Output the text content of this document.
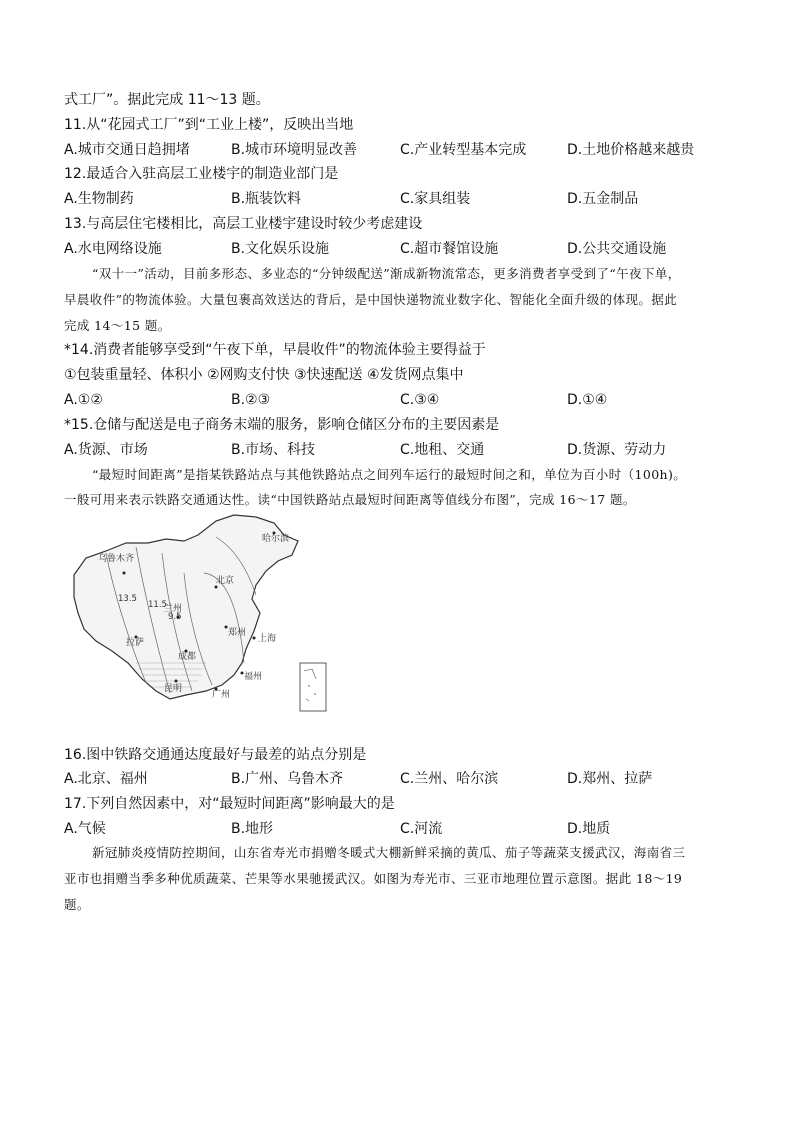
式工厂”。据此完成 11～13 题。
11.从“花园式工厂”到“工业上楼”，反映出当地
A.城市交通日趋拥堵	B.城市环境明显改善	C.产业转型基本完成	D.土地价格越来越贵
12.最适合入驻高层工业楼宇的制造业部门是
A.生物制药	B.瓶装饮料	C.家具组装	D.五金制品
13.与高层住宅楼相比，高层工业楼宇建设时较少考虑建设
A.水电网络设施	B.文化娱乐设施	C.超市餐馆设施	D.公共交通设施
“双十一”活动，目前多形态、多业态的“分钟级配送”渐成新物流常态，更多消费者享受到了“午夜下单，
早晨收件”的物流体验。大量包裹高效送达的背后，是中国快递物流业数字化、智能化全面升级的体现。据此
完成 14～15 题。
*14.消费者能够享受到“午夜下单，早晨收件”的物流体验主要得益于
①包装重量轻、体积小 ②网购支付快 ③快速配送 ④发货网点集中
A.①②	B.②③	C.③④	D.①④
*15.仓储与配送是电子商务末端的服务，影响仓储区分布的主要因素是
A.货源、市场	B.市场、科技	C.地租、交通	D.货源、劳动力
“最短时间距离”是指某铁路站点与其他铁路站点之间列车运行的最短时间之和，单位为百小时（100h)。
一般可用来表示铁路交通通达性。读“中国铁路站点最短时间距离等值线分布图”，完成 16～17 题。
乌鲁木齐
哈尔滨
北京
兰州
郑州
上海
拉萨
成都
福州
昆明
广州
13.5
11.5
9.5
16.图中铁路交通通达度最好与最差的站点分别是
A.北京、福州	B.广州、乌鲁木齐	C.兰州、哈尔滨	D.郑州、拉萨
17.下列自然因素中，对“最短时间距离”影响最大的是
A.气候	B.地形	C.河流	D.地质
新冠肺炎疫情防控期间，山东省寿光市捐赠冬暖式大棚新鲜采摘的黄瓜、茄子等蔬菜支援武汉，海南省三
亚市也捐赠当季多种优质蔬菜、芒果等水果驰援武汉。如图为寿光市、三亚市地理位置示意图。据此 18～19
题。
